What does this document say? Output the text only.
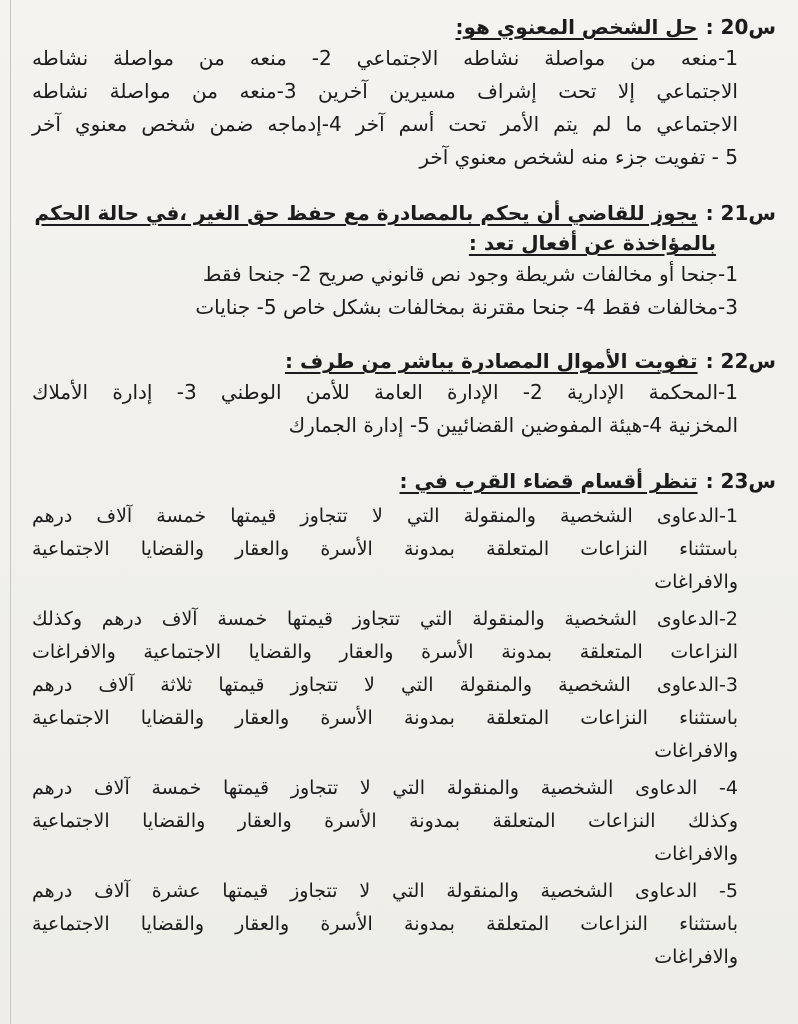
س20 :
حل الشخص المعنوي هو:
1-منعه من مواصلة نشاطه الاجتماعي 2- منعه من مواصلة نشاطه
الاجتماعي إلا تحت إشراف مسيرين آخرين 3-منعه من مواصلة نشاطه
الاجتماعي ما لم يتم الأمر تحت أسم آخر 4-إدماجه ضمن شخص معنوي آخر
5 - تفويت جزء منه لشخص معنوي آخر
س21 :
يجوز للقاضي أن يحكم بالمصادرة مع حفظ حق الغير ،في حالة الحكم
بالمؤاخذة عن أفعال تعد :
1-جنحا أو مخالفات شريطة وجود نص قانوني صريح 2- جنحا فقط
3-مخالفات فقط 4- جنحا مقترنة بمخالفات بشكل خاص 5- جنايات
س22 :
تفويت الأموال المصادرة يباشر من طرف :
1-المحكمة الإدارية 2- الإدارة العامة للأمن الوطني 3- إدارة الأملاك
المخزنية 4-هيئة المفوضين القضائيين 5- إدارة الجمارك
س23 :
تنظر أقسام قضاء القرب في :
1-الدعاوى الشخصية والمنقولة التي لا تتجاوز قيمتها خمسة آلاف درهم
باستثناء النزاعات المتعلقة بمدونة الأسرة والعقار والقضايا الاجتماعية
والافراغات
2-الدعاوى الشخصية والمنقولة التي تتجاوز قيمتها خمسة آلاف درهم وكذلك
النزاعات المتعلقة بمدونة الأسرة والعقار والقضايا الاجتماعية والافراغات
3-الدعاوى الشخصية والمنقولة التي لا تتجاوز قيمتها ثلاثة آلاف درهم
باستثناء النزاعات المتعلقة بمدونة الأسرة والعقار والقضايا الاجتماعية
والافراغات
4- الدعاوى الشخصية والمنقولة التي لا تتجاوز قيمتها خمسة آلاف درهم
وكذلك النزاعات المتعلقة بمدونة الأسرة والعقار والقضايا الاجتماعية
والافراغات
5- الدعاوى الشخصية والمنقولة التي لا تتجاوز قيمتها عشرة آلاف درهم
باستثناء النزاعات المتعلقة بمدونة الأسرة والعقار والقضايا الاجتماعية
والافراغات
